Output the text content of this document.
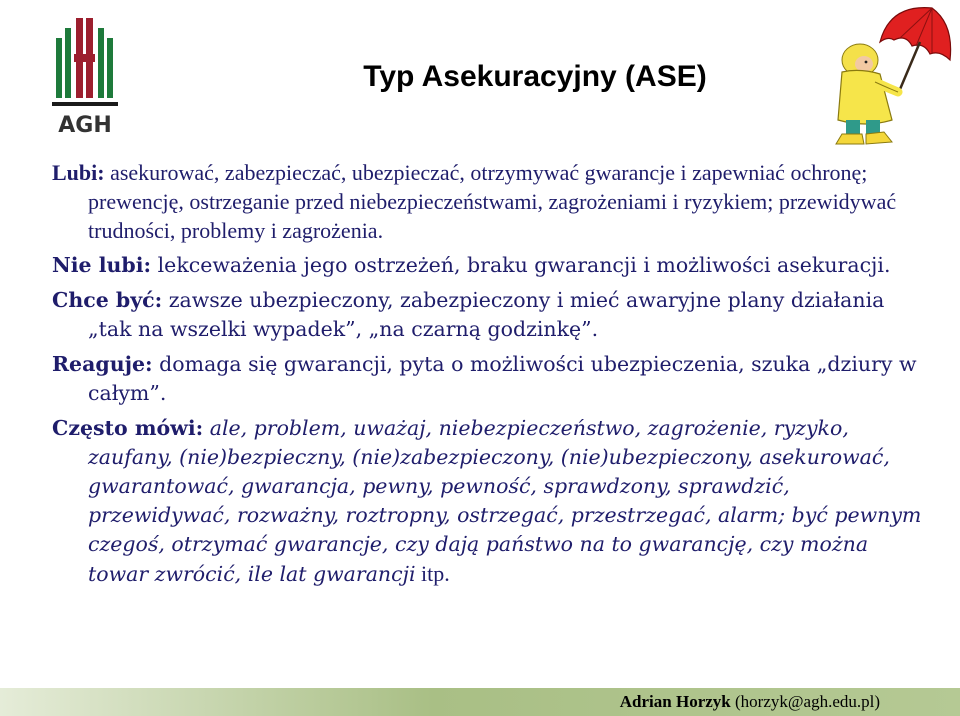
AGH
Typ Asekuracyjny (ASE)

Lubi: asekurować, zabezpieczać, ubezpieczać, otrzymywać gwarancje i zapewniać ochronę; prewencję, ostrzeganie przed niebezpieczeństwami, zagrożeniami i ryzykiem; przewidywać trudności, problemy i zagrożenia.

Nie lubi: lekceważenia jego ostrzeżeń, braku gwarancji i możliwości asekuracji.

Chce być: zawsze ubezpieczony, zabezpieczony i mieć awaryjne plany działania „tak na wszelki wypadek”, „na czarną godzinkę”.

Reaguje: domaga się gwarancji, pyta o możliwości ubezpieczenia, szuka „dziury w całym”.

Często mówi: ale, problem, uważaj, niebezpieczeństwo, zagrożenie, ryzyko, zaufany, (nie)bezpieczny, (nie)zabezpieczony, (nie)ubezpieczony, asekurować, gwarantować, gwarancja, pewny, pewność, sprawdzony, sprawdzić, przewidywać, rozważny, roztropny, ostrzegać, przestrzegać, alarm; być pewnym czegoś, otrzymać gwarancje, czy dają państwo na to gwarancję, czy można towar zwrócić, ile lat gwarancji itp.

Adrian Horzyk (horzyk@agh.edu.pl)
